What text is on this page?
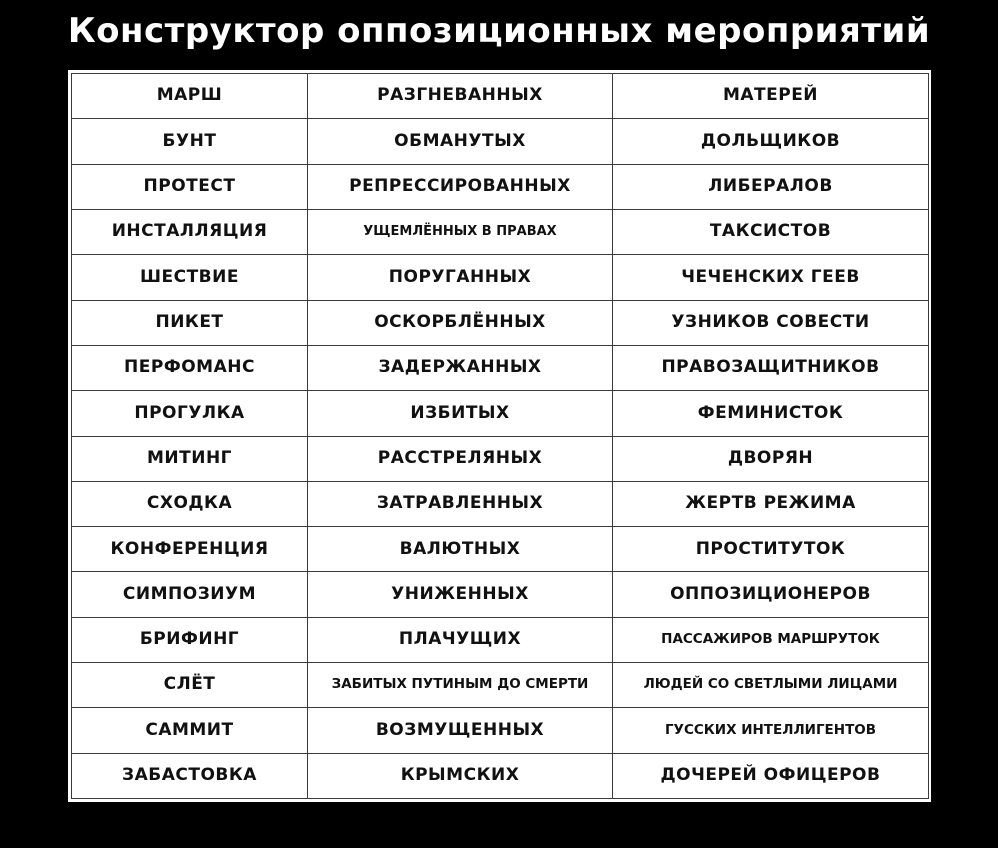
Конструктор оппозиционных мероприятий
МАРШ	РАЗГНЕВАННЫХ	МАТЕРЕЙ
БУНТ	ОБМАНУТЫХ	ДОЛЬЩИКОВ
ПРОТЕСТ	РЕПРЕССИРОВАННЫХ	ЛИБЕРАЛОВ
ИНСТАЛЛЯЦИЯ	УЩЕМЛЁННЫХ В ПРАВАХ	ТАКСИСТОВ
ШЕСТВИЕ	ПОРУГАННЫХ	ЧЕЧЕНСКИХ ГЕЕВ
ПИКЕТ	ОСКОРБЛЁННЫХ	УЗНИКОВ СОВЕСТИ
ПЕРФОМАНС	ЗАДЕРЖАННЫХ	ПРАВОЗАЩИТНИКОВ
ПРОГУЛКА	ИЗБИТЫХ	ФЕМИНИСТОК
МИТИНГ	РАССТРЕЛЯНЫХ	ДВОРЯН
СХОДКА	ЗАТРАВЛЕННЫХ	ЖЕРТВ РЕЖИМА
КОНФЕРЕНЦИЯ	ВАЛЮТНЫХ	ПРОСТИТУТОК
СИМПОЗИУМ	УНИЖЕННЫХ	ОППОЗИЦИОНЕРОВ
БРИФИНГ	ПЛАЧУЩИХ	ПАССАЖИРОВ МАРШРУТОК
СЛЁТ	ЗАБИТЫХ ПУТИНЫМ ДО СМЕРТИ	ЛЮДЕЙ СО СВЕТЛЫМИ ЛИЦАМИ
САММИТ	ВОЗМУЩЕННЫХ	ГУССКИХ ИНТЕЛЛИГЕНТОВ
ЗАБАСТОВКА	КРЫМСКИХ	ДОЧЕРЕЙ ОФИЦЕРОВ
